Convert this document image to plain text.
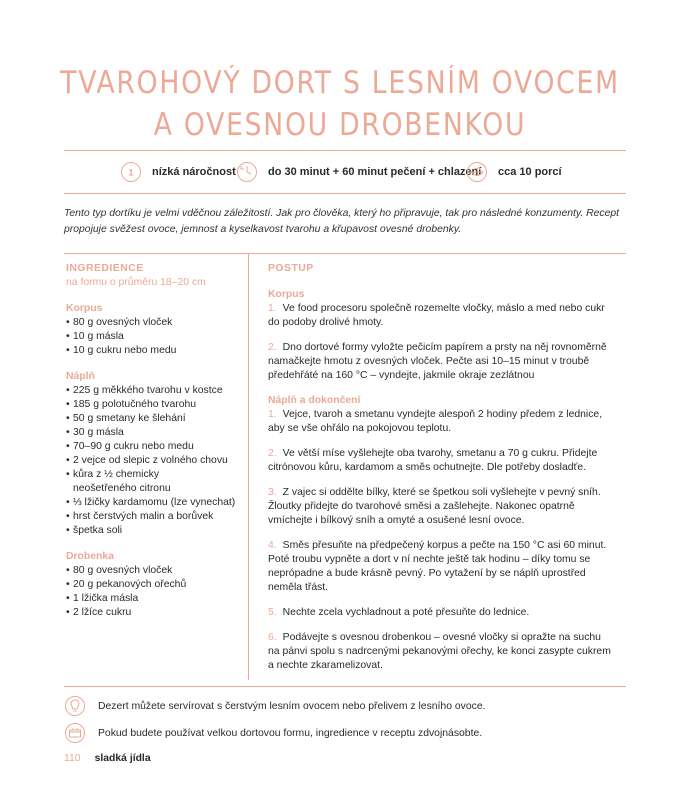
TVAROHOVÝ DORT S LESNÍM OVOCEM
A OVESNOU DROBENKOU
1 nízká náročnost	do 30 minut + 60 minut pečení + chlazení cca 10 porcí

Tento typ dortíku je velmi vděčnou záležitostí. Jak pro člověka, který ho připravuje, tak pro následné konzumenty. Recept propojuje svěžest ovoce, jemnost a kyselkavost tvarohu a křupavost ovesné drobenky.

INGREDIENCE

na formu o průměru 18–20 cm

Korpus

• 80 g ovesných vloček
• 10 g másla
• 10 g cukru nebo medu

Náplň

• 225 g měkkého tvarohu v kostce
• 185 g polotučného tvarohu
• 50 g smetany ke šlehání
• 30 g másla
• 70–90 g cukru nebo medu
• 2 vejce od slepic z volného chovu
• kůra z ½ chemicky neošetřeného citronu
• ⅓ lžičky kardamomu (lze vynechat)
• hrst čerstvých malin a borůvek
• špetka soli

Drobenka

• 80 g ovesných vloček
• 20 g pekanových ořechů
• 1 lžička másla
• 2 lžíce cukru

POSTUP

Korpus

1. Ve food procesoru společně rozemelte vločky, máslo a med nebo cukr do podoby drolivé hmoty.

2. Dno dortové formy vyložte pečicím papírem a prsty na něj rovnoměrně namačkejte hmotu z ovesných vloček. Pečte asi 10–15 minut v troubě předehřáté na 160 °C – vyndejte, jakmile okraje zezlátnou

Náplň a dokončení

1. Vejce, tvaroh a smetanu vyndejte alespoň 2 hodiny předem z lednice, aby se vše ohřálo na pokojovou teplotu.

2. Ve větší míse vyšlehejte oba tvarohy, smetanu a 70 g cukru. Přidejte citrónovou kůru, kardamom a směs ochutnejte. Dle potřeby dosladťe.

3. Z vajec si oddělte bílky, které se špetkou soli vyšlehejte v pevný sníh. Žloutky přidejte do tvarohové směsi a zašlehejte. Nakonec opatrně vmíchejte i bílkový sníh a omyté a osušené lesní ovoce.

4. Směs přesuňte na předpečený korpus a pečte na 150 °C asi 60 minut. Poté troubu vypněte a dort v ní nechte ještě tak hodinu – díky tomu se neprópadne a bude krásně pevný. Po vytažení by se náplň uprostřed neměla třást.

5. Nechte zcela vychladnout a poté přesuňte do lednice.

6. Podávejte s ovesnou drobenkou – ovesné vločky si opražte na suchu na pánvi spolu s nadrcenými pekanovými ořechy, ke konci zasypte cukrem a nechte zkaramelizovat.

Dezert můžete servírovat s čerstvým lesním ovocem nebo přelivem z lesního ovoce.
Pokud budete používat velkou dortovou formu, ingredience v receptu zdvojnásobte.
110 sladká jídla
